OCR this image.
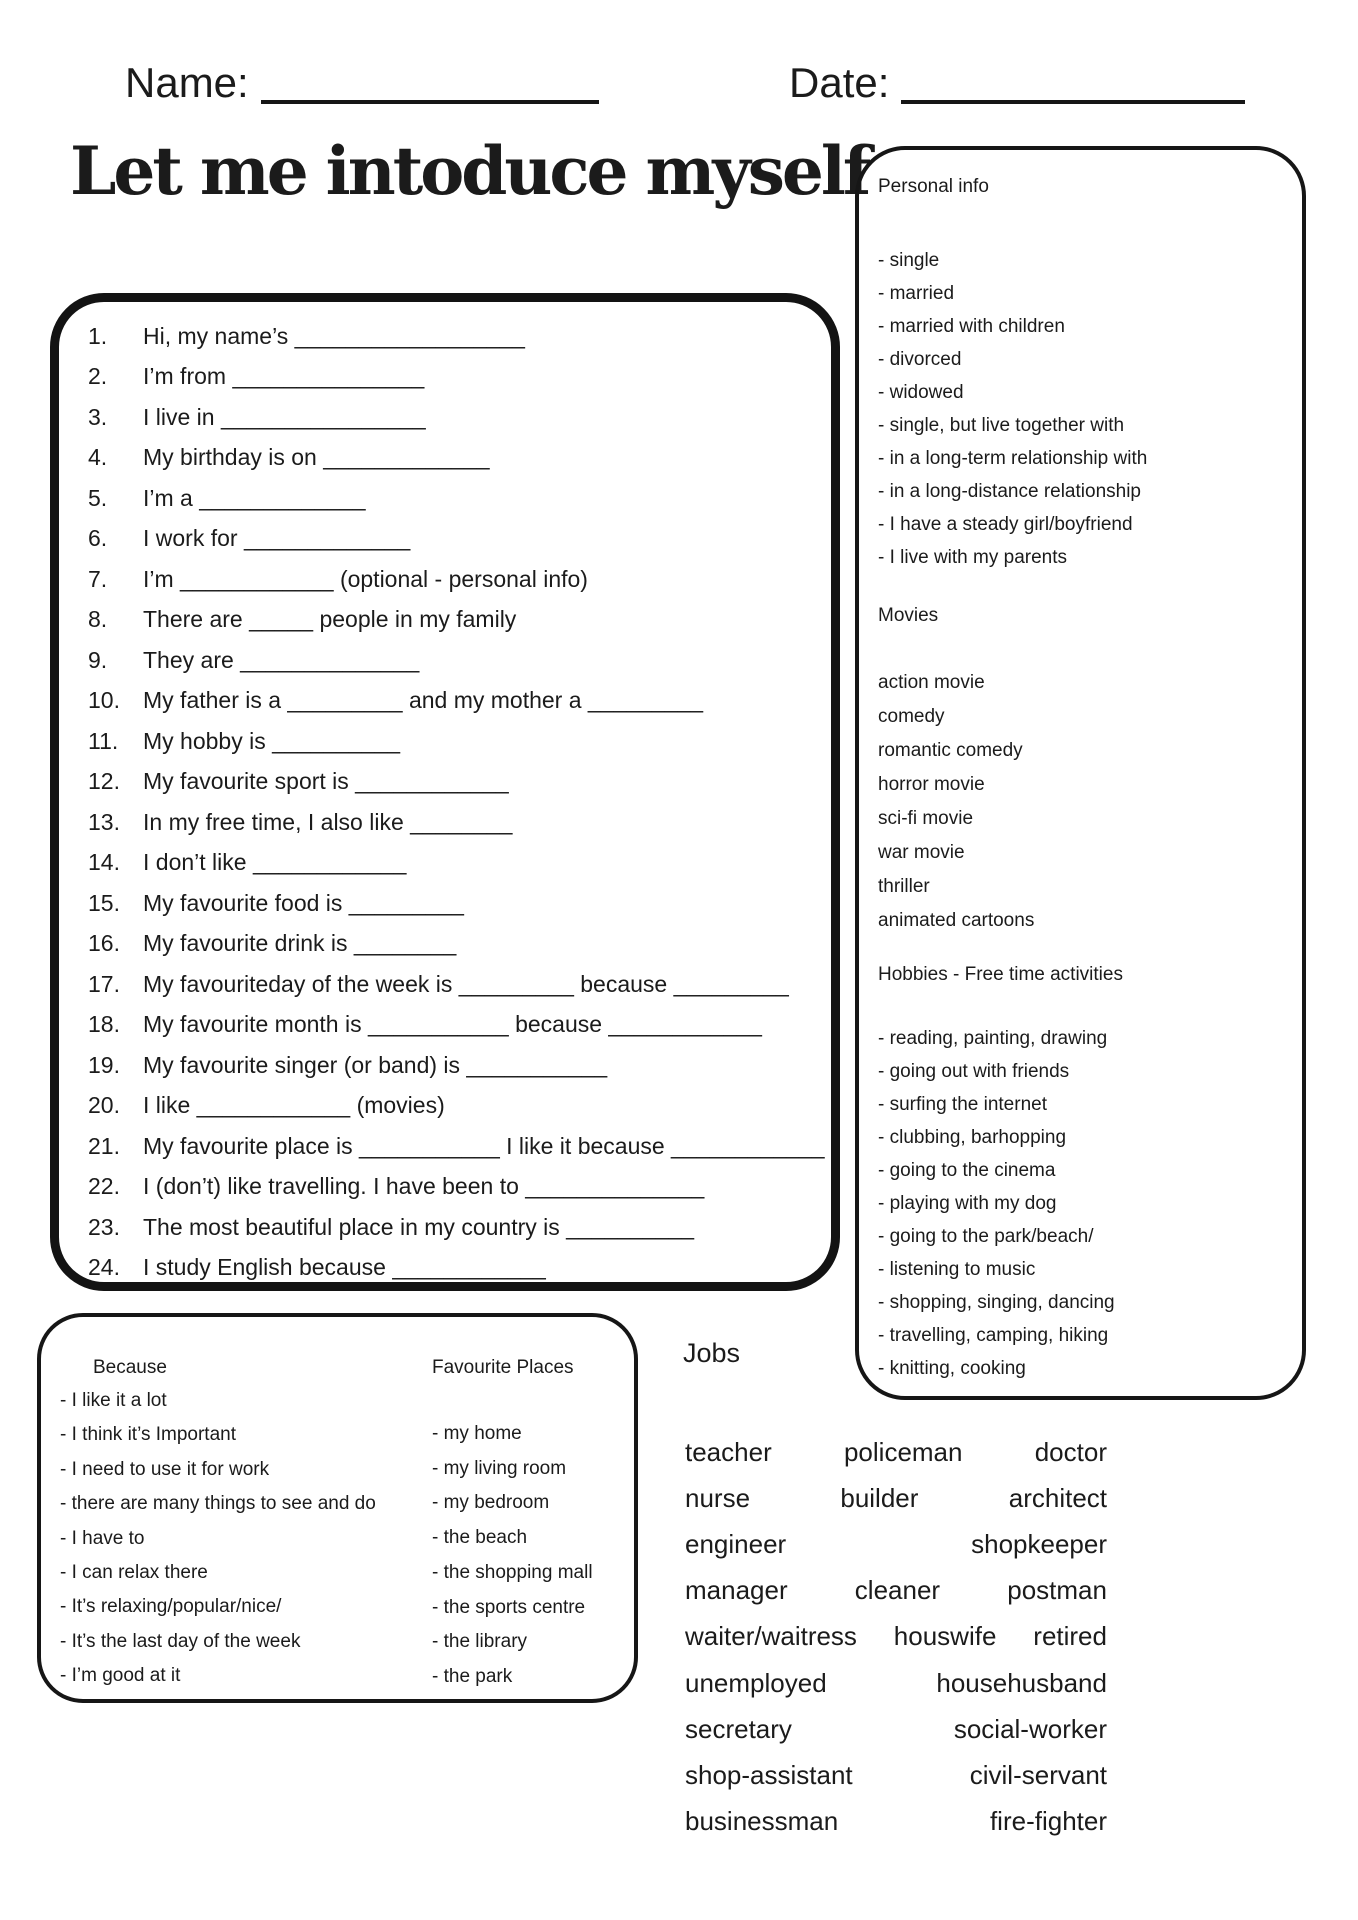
Name:	Date:
Let me intoduce myself
1.	Hi, my name’s __________________
2.	I’m from _______________
3.	I live in ________________
4.	My birthday is on _____________
5.	I’m a _____________
6.	I work for _____________
7.	I’m ____________ (optional - personal info)
8.	There are _____ people in my family
9.	They are ______________
10.	My father is a _________ and my mother a _________
11.	My hobby is __________
12.	My favourite sport is ____________
13.	In my free time, I also like ________
14.	I don’t like ____________
15.	My favourite food is _________
16.	My favourite drink is ________
17.	My favouriteday of the week is _________ because _________
18.	My favourite month is ___________ because ____________
19.	My favourite singer (or band) is ___________
20.	I like ____________ (movies)
21.	My favourite place is ___________ I like it because ____________
22.	I (don’t) like travelling. I have been to ______________
23.	The most beautiful place in my country is __________
24.	I study English because ____________
Personal info
- single
- married
- married with children
- divorced
- widowed
- single, but live together with
- in a long-term relationship with
- in a long-distance relationship
- I have a steady girl/boyfriend
- I live with my parents
Movies
action movie
comedy
romantic comedy
horror movie
sci-fi movie
war movie
thriller
animated cartoons
Hobbies - Free time activities
- reading, painting, drawing
- going out with friends
- surfing the internet
- clubbing, barhopping
- going to the cinema
- playing with my dog
- going to the park/beach/
- listening to music
- shopping, singing, dancing
- travelling, camping, hiking
- knitting, cooking
Because
- I like it a lot
- I think it’s Important
- I need to use it for work
- there are many things to see and do
- I have to
- I can relax there
- It’s relaxing/popular/nice/
- It’s the last day of the week
- I’m good at it
Favourite Places
- my home
- my living room
- my bedroom
- the beach
- the shopping mall
- the sports centre
- the library
- the park
Jobs
teacher	policeman	doctor
nurse	builder	architect
engineer	shopkeeper
manager	cleaner	postman
waiter/waitress houswife retired
unemployed	househusband
secretary	social-worker
shop-assistant	civil-servant
businessman	fire-fighter
